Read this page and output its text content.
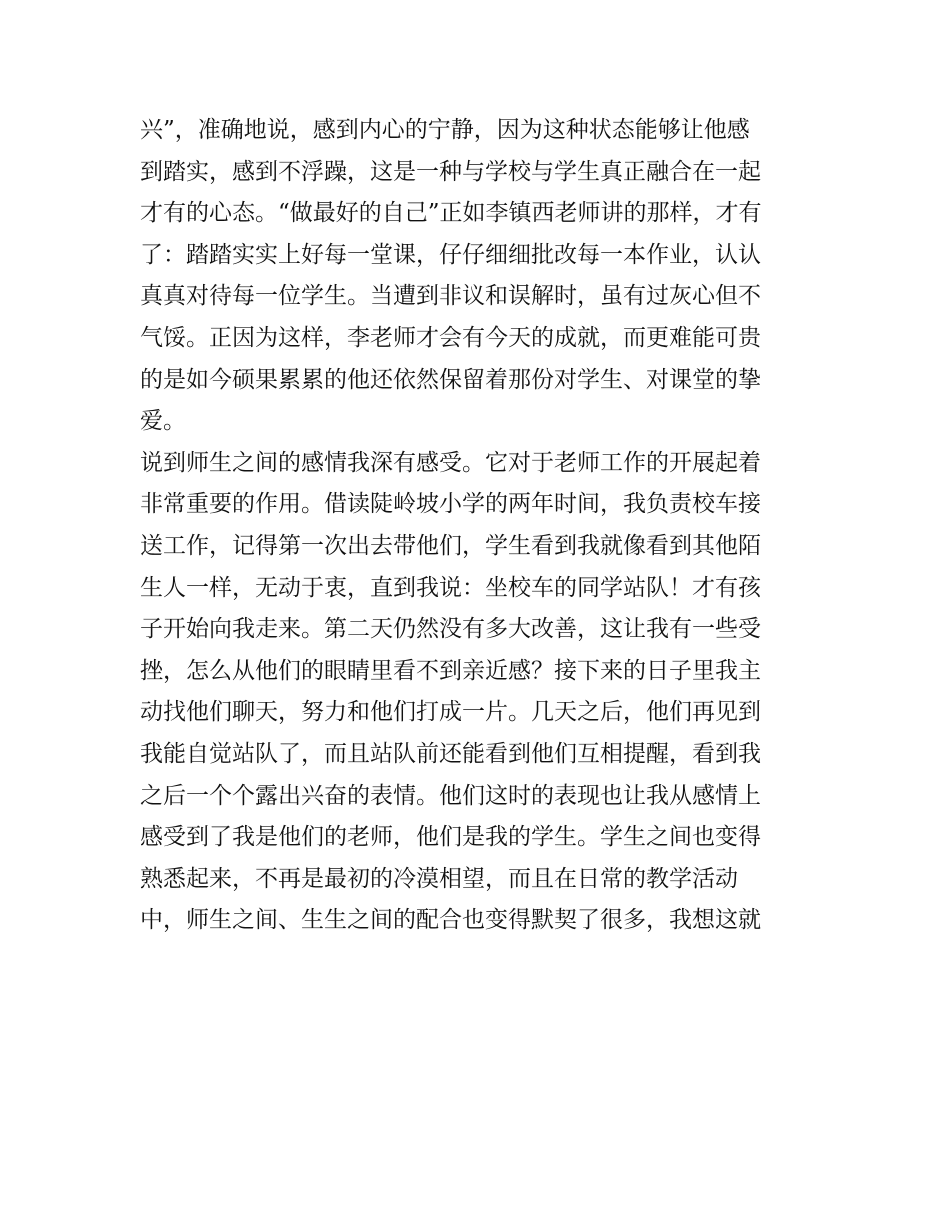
兴”，准确地说，感到内心的宁静，因为这种状态能够让他感
到踏实，感到不浮躁，这是一种与学校与学生真正融合在一起
才有的心态。“做最好的自己”正如李镇西老师讲的那样，才有
了：踏踏实实上好每一堂课，仔仔细细批改每一本作业，认认
真真对待每一位学生。当遭到非议和误解时，虽有过灰心但不
气馁。正因为这样，李老师才会有今天的成就，而更难能可贵
的是如今硕果累累的他还依然保留着那份对学生、对课堂的挚
爱。
说到师生之间的感情我深有感受。它对于老师工作的开展起着
非常重要的作用。借读陡岭坡小学的两年时间，我负责校车接
送工作，记得第一次出去带他们，学生看到我就像看到其他陌
生人一样，无动于衷，直到我说：坐校车的同学站队！才有孩
子开始向我走来。第二天仍然没有多大改善，这让我有一些受
挫，怎么从他们的眼睛里看不到亲近感？接下来的日子里我主
动找他们聊天，努力和他们打成一片。几天之后，他们再见到
我能自觉站队了，而且站队前还能看到他们互相提醒，看到我
之后一个个露出兴奋的表情。他们这时的表现也让我从感情上
感受到了我是他们的老师，他们是我的学生。学生之间也变得
熟悉起来，不再是最初的冷漠相望，而且在日常的教学活动
中，师生之间、生生之间的配合也变得默契了很多，我想这就
